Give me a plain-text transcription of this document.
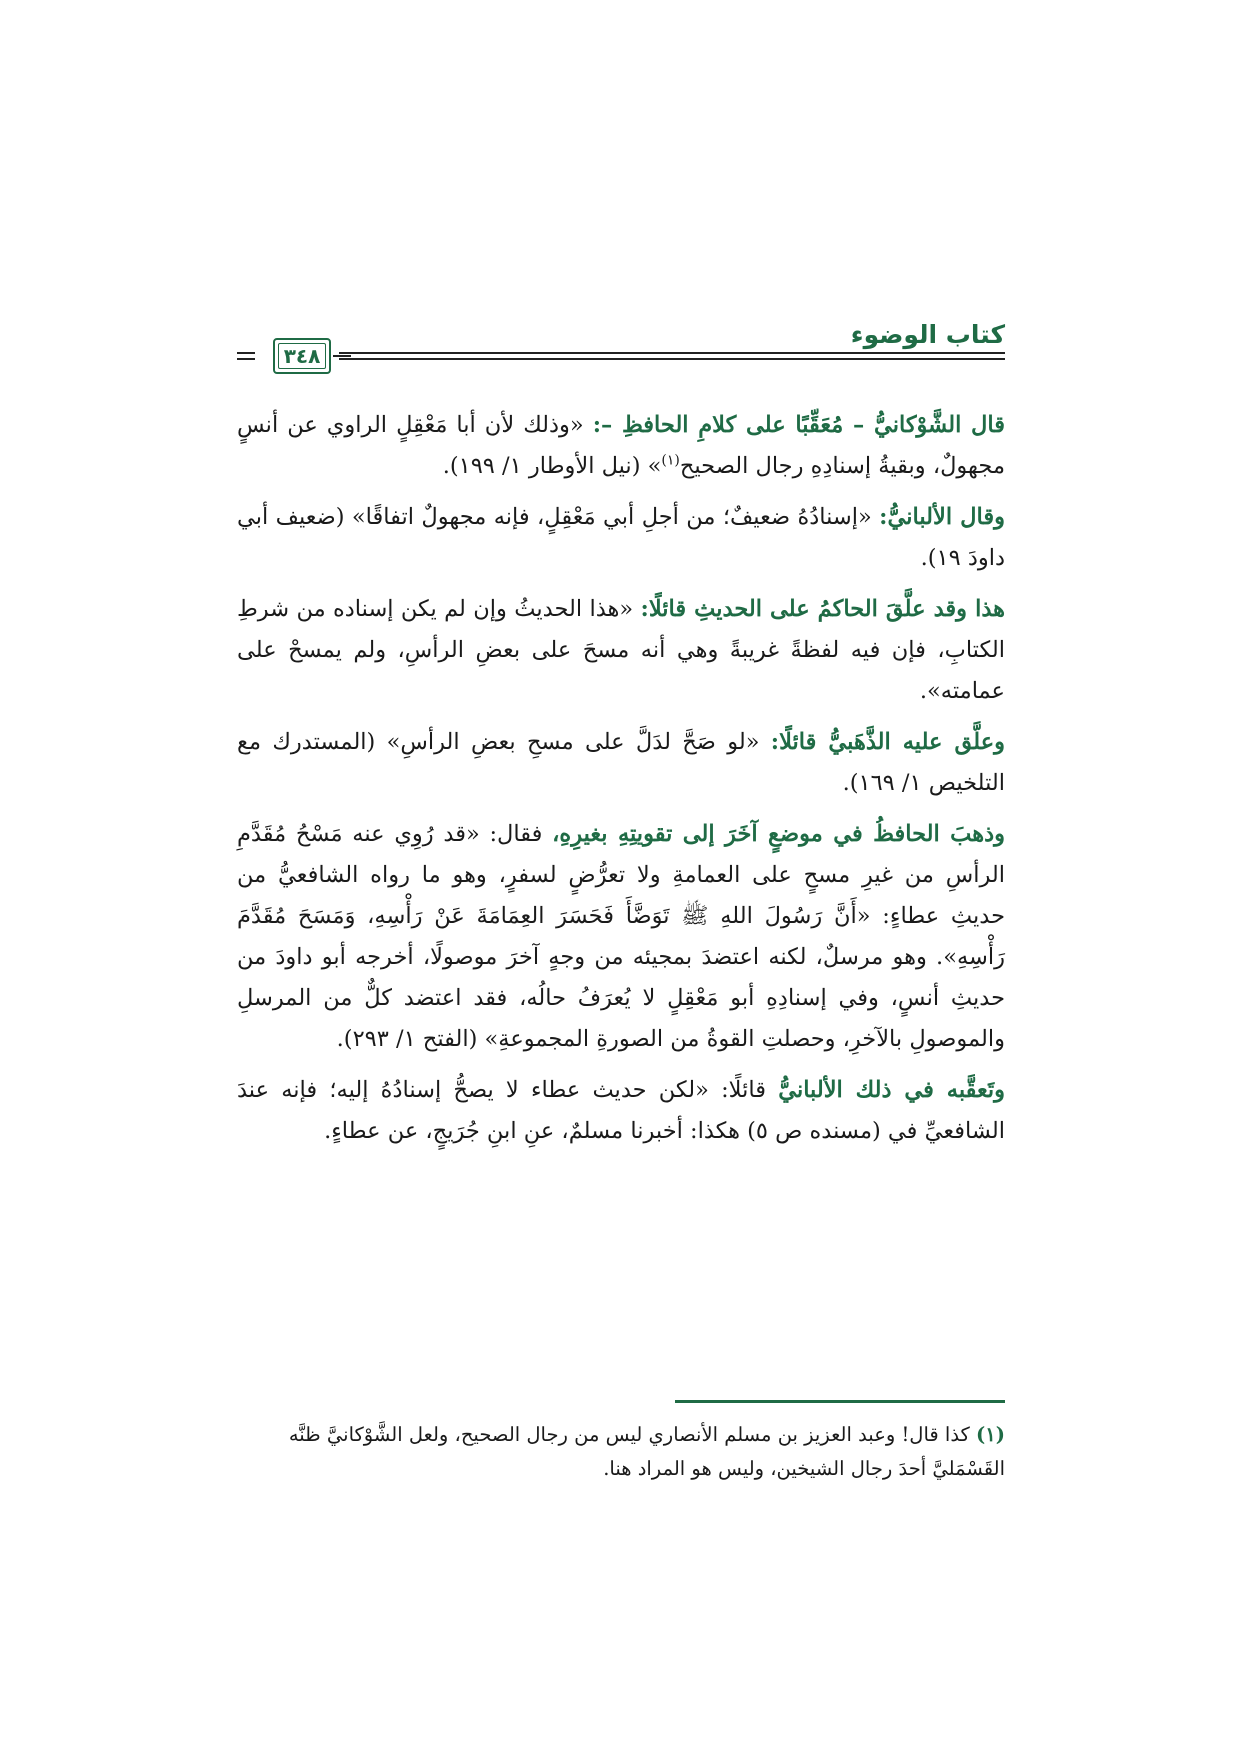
كتاب الوضوء
٣٤٨

قال الشَّوْكانيُّ – مُعَقِّبًا على كلامِ الحافظِ –: «وذلك لأن أبا مَعْقِلٍ الراوي عن أنسٍ مجهولٌ، وبقيةُ إسنادِهِ رجال الصحيح$^{(١)}$» (نيل الأوطار ١/ ١٩٩).

وقال الألبانيُّ: «إسنادُهُ ضعيفٌ؛ من أجلِ أبي مَعْقِلٍ، فإنه مجهولٌ اتفاقًا» (ضعيف أبي داودَ ١٩).

هذا وقد علَّقَ الحاكمُ على الحديثِ قائلًا: «هذا الحديثُ وإن لم يكن إسناده من شرطِ الكتابِ، فإن فيه لفظةً غريبةً وهي أنه مسحَ على بعضِ الرأسِ، ولم يمسحْ على عمامته».

وعلَّق عليه الذَّهَبيُّ قائلًا: «لو صَحَّ لدَلَّ على مسحِ بعضِ الرأسِ» (المستدرك مع التلخيص ١/ ١٦٩).

وذهبَ الحافظُ في موضعٍ آخَرَ إلى تقويتِهِ بغيرِهِ، فقال: «قد رُوِي عنه مَسْحُ مُقَدَّمِ الرأسِ من غيرِ مسحٍ على العمامةِ ولا تعرُّضٍ لسفرٍ، وهو ما رواه الشافعيُّ من حديثِ عطاءٍ: «أَنَّ رَسُولَ اللهِ ﷺ تَوَضَّأَ فَحَسَرَ العِمَامَةَ عَنْ رَأْسِهِ، وَمَسَحَ مُقَدَّمَ رَأْسِهِ». وهو مرسلٌ، لكنه اعتضدَ بمجيئه من وجهٍ آخرَ موصولًا، أخرجه أبو داودَ من حديثِ أنسٍ، وفي إسنادِهِ أبو مَعْقِلٍ لا يُعرَفُ حالُه، فقد اعتضد كلٌّ من المرسلِ والموصولِ بالآخرِ، وحصلتِ القوةُ من الصورةِ المجموعةِ» (الفتح ١/ ٢٩٣).

وتَعقَّبه في ذلك الألبانيُّ قائلًا: «لكن حديث عطاء لا يصحُّ إسنادُهُ إليه؛ فإنه عندَ الشافعيِّ في (مسنده ص ٥) هكذا: أخبرنا مسلمٌ، عنِ ابنِ جُرَيجٍ، عن عطاءٍ.

(١) كذا قال! وعبد العزيز بن مسلم الأنصاري ليس من رجال الصحيح، ولعل الشَّوْكانيَّ ظنَّه القَسْمَليَّ أحدَ رجال الشيخين، وليس هو المراد هنا.
